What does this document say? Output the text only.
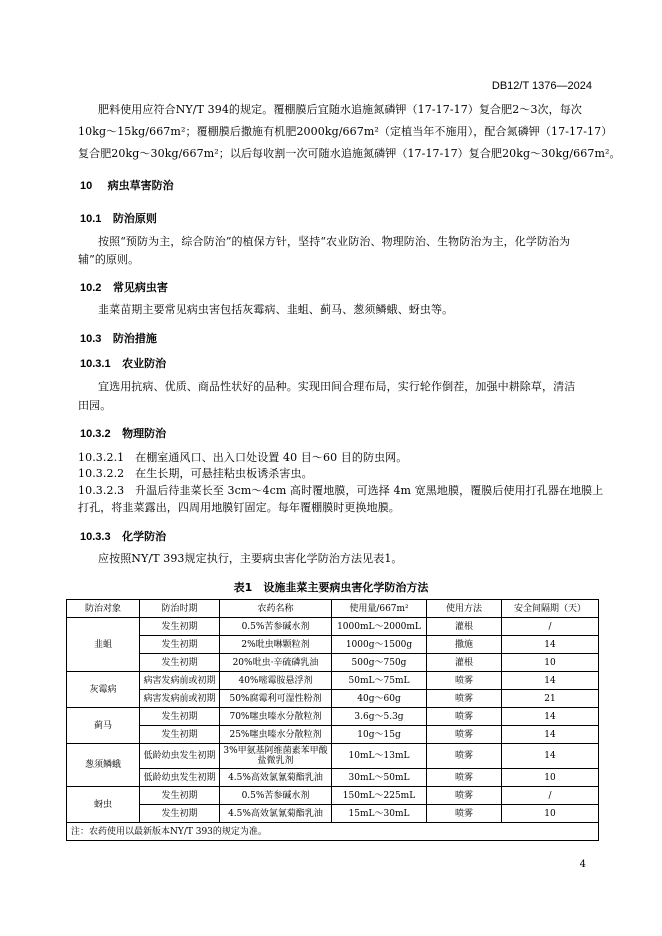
DB12/T 1376—2024
肥料使用应符合NY/T 394的规定。覆棚膜后宜随水追施氮磷钾（17-17-17）复合肥2～3次，每次
10kg～15kg/667m²；覆棚膜后撒施有机肥2000kg/667m²（定植当年不施用），配合氮磷钾（17-17-17）
复合肥20kg～30kg/667m²；以后每收割一次可随水追施氮磷钾（17-17-17）复合肥20kg～30kg/667m²。
10 病虫草害防治
10.1 防治原则
按照“预防为主，综合防治”的植保方针，坚持“农业防治、物理防治、生物防治为主，化学防治为
辅”的原则。
10.2 常见病虫害
韭菜苗期主要常见病虫害包括灰霉病、韭蛆、蓟马、葱须鳞蛾、蚜虫等。
10.3 防治措施
10.3.1 农业防治
宜选用抗病、优质、商品性状好的品种。实现田间合理布局，实行轮作倒茬，加强中耕除草，清洁
田园。
10.3.2 物理防治
10.3.2.1 在棚室通风口、出入口处设置 40 目～60 目的防虫网。
10.3.2.2 在生长期，可悬挂粘虫板诱杀害虫。
10.3.2.3 升温后待韭菜长至 3cm～4cm 高时覆地膜，可选择 4m 宽黑地膜，覆膜后使用打孔器在地膜上
打孔，将韭菜露出，四周用地膜钉固定。每年覆棚膜时更换地膜。
10.3.3 化学防治
应按照NY/T 393规定执行，主要病虫害化学防治方法见表1。
表1　设施韭菜主要病虫害化学防治方法
防治对象	防治时期	农药名称	使用量/667m²	使用方法	安全间隔期（天）
韭蛆	发生初期	0.5%苦参碱水剂	1000mL～2000mL	灌根	/
	发生初期	2%吡虫啉颗粒剂	1000g～1500g	撒施	14
	发生初期	20%吡虫·辛硫磷乳油	500g～750g	灌根	10
灰霉病	病害发病前或初期	40%嘧霉胺悬浮剂	50mL～75mL	喷雾	14
	病害发病前或初期	50%腐霉利可湿性粉剂	40g～60g	喷雾	21
蓟马	发生初期	70%噻虫嗪水分散粒剂	3.6g～5.3g	喷雾	14
	发生初期	25%噻虫嗪水分散粒剂	10g～15g	喷雾	14
葱须鳞蛾	低龄幼虫发生初期	3%甲氨基阿维菌素苯甲酸盐微乳剂	10mL～13mL	喷雾	14
	低龄幼虫发生初期	4.5%高效氯氰菊酯乳油	30mL～50mL	喷雾	10
蚜虫	发生初期	0.5%苦参碱水剂	150mL～225mL	喷雾	/
	发生初期	4.5%高效氯氰菊酯乳油	15mL～30mL	喷雾	10
注：农药使用以最新版本NY/T 393的规定为准。					
4
